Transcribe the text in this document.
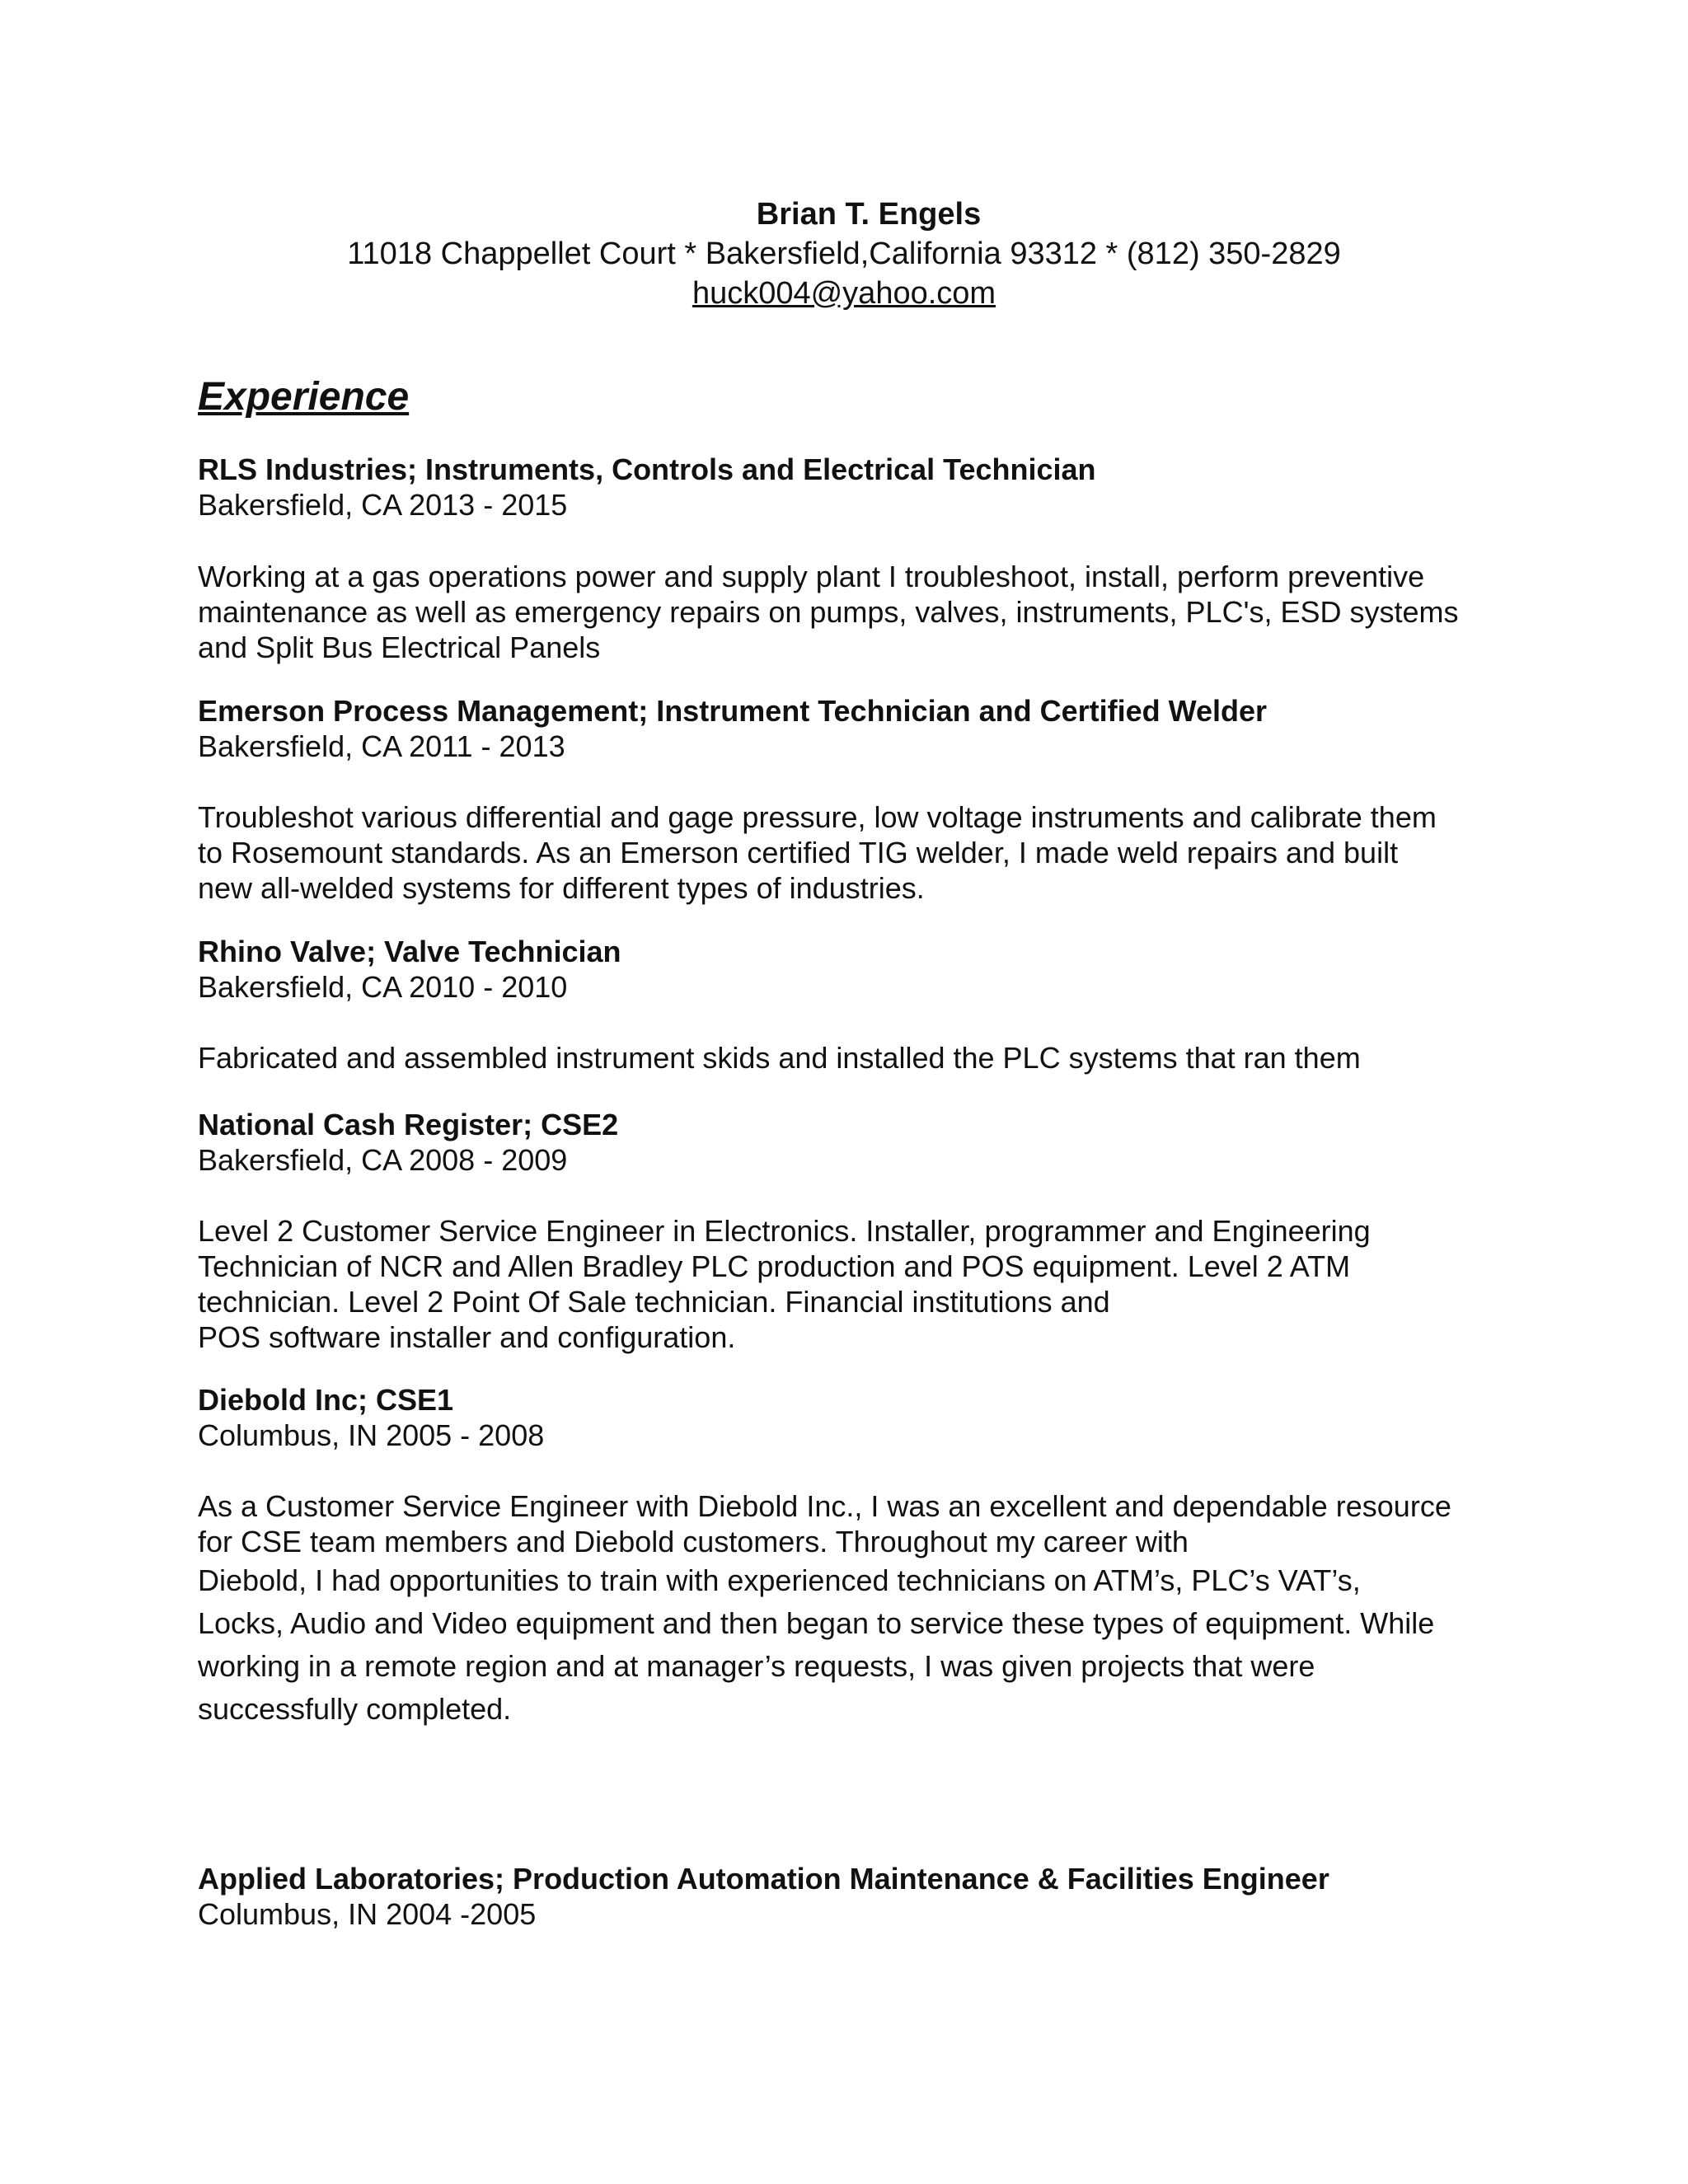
Brian T. Engels
11018 Chappellet Court * Bakersfield,California 93312 * (812) 350-2829
huck004@yahoo.com
Experience
RLS Industries; Instruments, Controls and Electrical Technician
Bakersfield, CA 2013 - 2015
Working at a gas operations power and supply plant I troubleshoot, install, perform preventive
maintenance as well as emergency repairs on pumps, valves, instruments, PLC's, ESD systems
and Split Bus Electrical Panels
Emerson Process Management; Instrument Technician and Certified Welder
Bakersfield, CA 2011 - 2013
Troubleshot various differential and gage pressure, low voltage instruments and calibrate them
to Rosemount standards. As an Emerson certified TIG welder, I made weld repairs and built
new all-welded systems for different types of industries.
Rhino Valve; Valve Technician
Bakersfield, CA 2010 - 2010
Fabricated and assembled instrument skids and installed the PLC systems that ran them
National Cash Register; CSE2
Bakersfield, CA 2008 - 2009
Level 2 Customer Service Engineer in Electronics. Installer, programmer and Engineering
Technician of NCR and Allen Bradley PLC production and POS equipment. Level 2 ATM
technician. Level 2 Point Of Sale technician. Financial institutions and
POS software installer and configuration.
Diebold Inc; CSE1
Columbus, IN 2005 - 2008
As a Customer Service Engineer with Diebold Inc., I was an excellent and dependable resource
for CSE team members and Diebold customers. Throughout my career with
Diebold, I had opportunities to train with experienced technicians on ATM’s, PLC’s VAT’s,
Locks, Audio and Video equipment and then began to service these types of equipment. While
working in a remote region and at manager’s requests, I was given projects that were
successfully completed.
Applied Laboratories; Production Automation Maintenance & Facilities Engineer
Columbus, IN 2004 -2005
